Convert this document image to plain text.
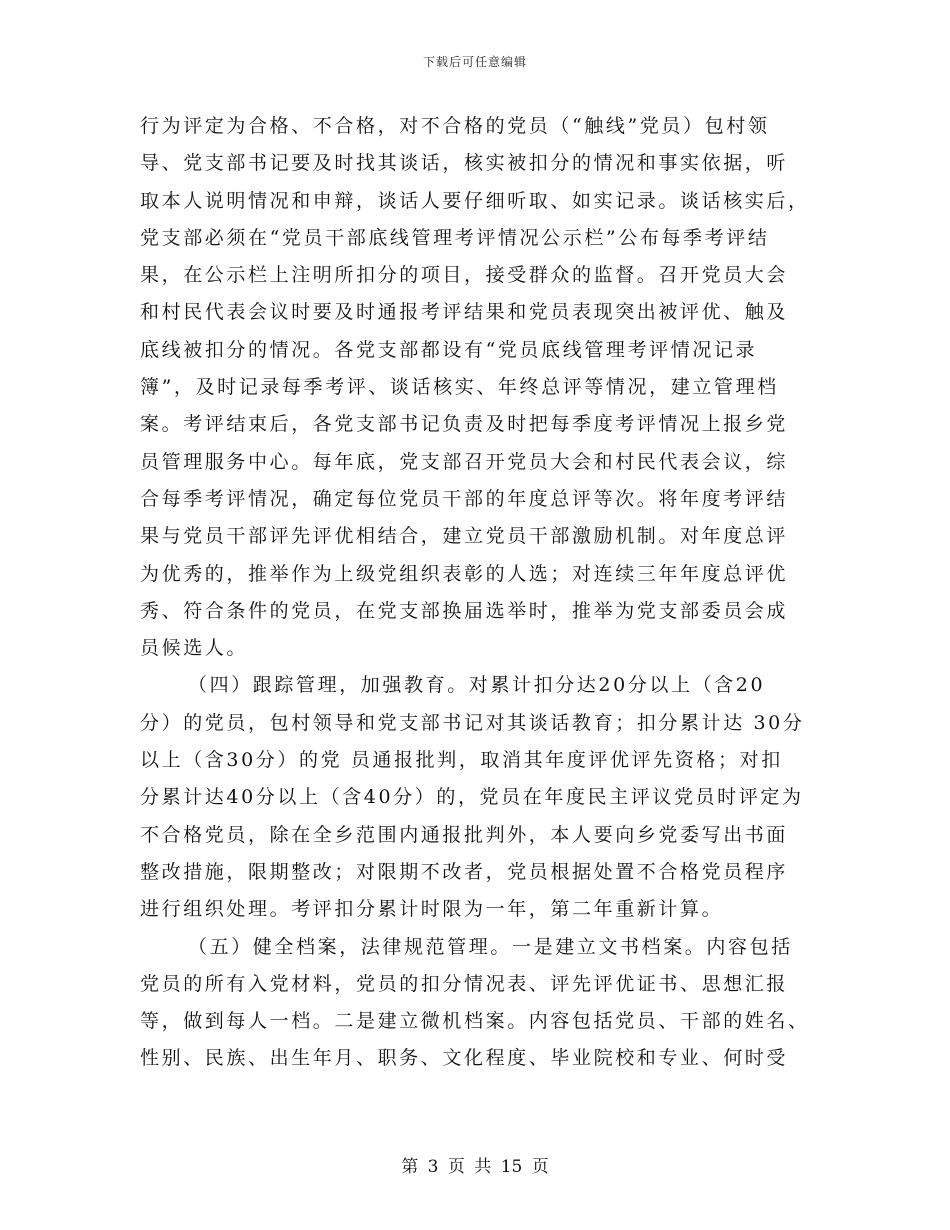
下载后可任意编辑
行为评定为合格、不合格，对不合格的党员（“触线”党员）包村领
导、党支部书记要及时找其谈话，核实被扣分的情况和事实依据，听
取本人说明情况和申辩，谈话人要仔细听取、如实记录。谈话核实后，
党支部必须在“党员干部底线管理考评情况公示栏”公布每季考评结
果，在公示栏上注明所扣分的项目，接受群众的监督。召开党员大会
和村民代表会议时要及时通报考评结果和党员表现突出被评优、触及
底线被扣分的情况。各党支部都设有“党员底线管理考评情况记录
簿”，及时记录每季考评、谈话核实、年终总评等情况，建立管理档
案。考评结束后，各党支部书记负责及时把每季度考评情况上报乡党
员管理服务中心。每年底，党支部召开党员大会和村民代表会议，综
合每季考评情况，确定每位党员干部的年度总评等次。将年度考评结
果与党员干部评先评优相结合，建立党员干部激励机制。对年度总评
为优秀的，推举作为上级党组织表彰的人选；对连续三年年度总评优
秀、符合条件的党员，在党支部换届选举时，推举为党支部委员会成
员候选人。
（四）跟踪管理，加强教育。对累计扣分达20分以上（含20
分）的党员，包村领导和党支部书记对其谈话教育；扣分累计达 30分
以上（含30分）的党 员通报批判，取消其年度评优评先资格；对扣
分累计达40分以上（含40分）的，党员在年度民主评议党员时评定为
不合格党员，除在全乡范围内通报批判外，本人要向乡党委写出书面
整改措施，限期整改；对限期不改者，党员根据处置不合格党员程序
进行组织处理。考评扣分累计时限为一年，第二年重新计算。
（五）健全档案，法律规范管理。一是建立文书档案。内容包括
党员的所有入党材料，党员的扣分情况表、评先评优证书、思想汇报
等，做到每人一档。二是建立微机档案。内容包括党员、干部的姓名、
性别、民族、出生年月、职务、文化程度、毕业院校和专业、何时受
第 3 页 共 15 页
